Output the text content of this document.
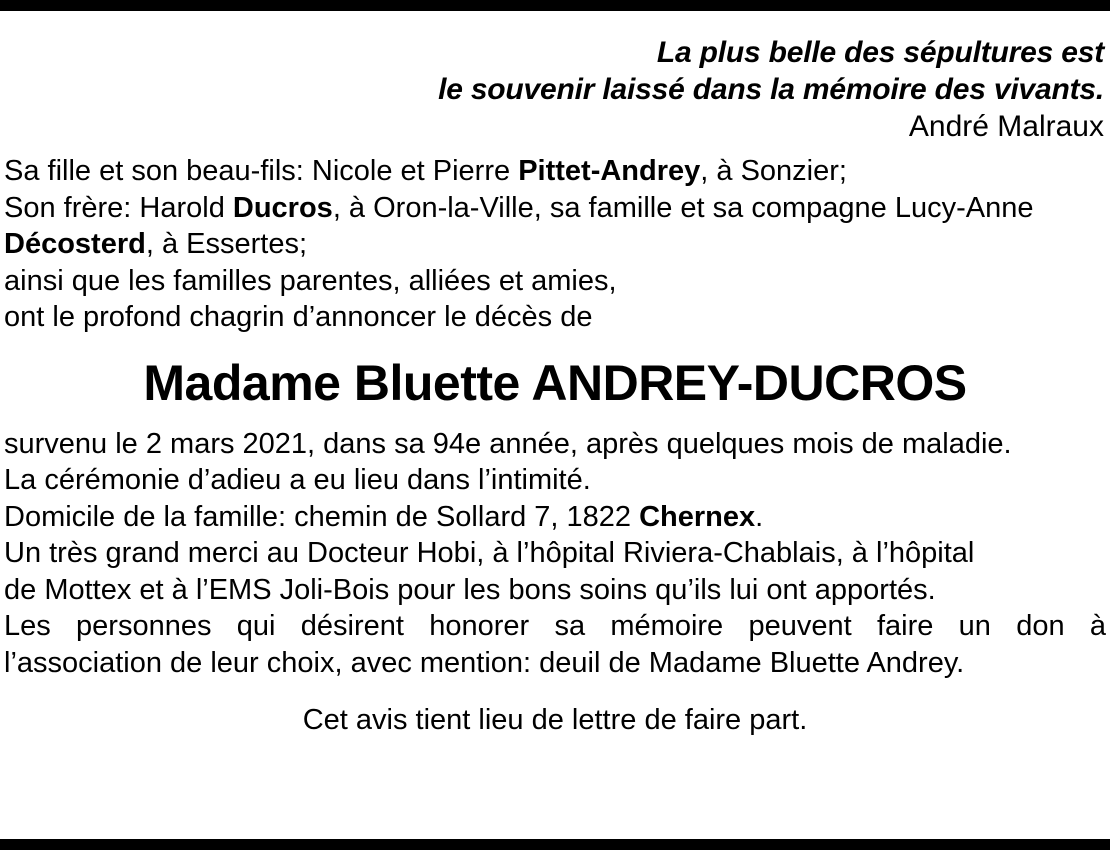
La plus belle des sépultures est
le souvenir laissé dans la mémoire des vivants.
André Malraux

Sa fille et son beau-fils: Nicole et Pierre Pittet-Andrey, à Sonzier;

Son frère: Harold Ducros, à Oron-la-Ville, sa famille et sa compagne Lucy-Anne

Décosterd, à Essertes;

ainsi que les familles parentes, alliées et amies,

ont le profond chagrin d’annoncer le décès de

Madame Bluette ANDREY-DUCROS

survenu le 2 mars 2021, dans sa 94e année, après quelques mois de maladie.

La cérémonie d’adieu a eu lieu dans l’intimité.

Domicile de la famille: chemin de Sollard 7, 1822 Chernex.

Un très grand merci au Docteur Hobi, à l’hôpital Riviera-Chablais, à l’hôpital

de Mottex et à l’EMS Joli-Bois pour les bons soins qu’ils lui ont apportés.

Les personnes qui désirent honorer sa mémoire peuvent faire un don à

l’association de leur choix, avec mention: deuil de Madame Bluette Andrey.

Cet avis tient lieu de lettre de faire part.
